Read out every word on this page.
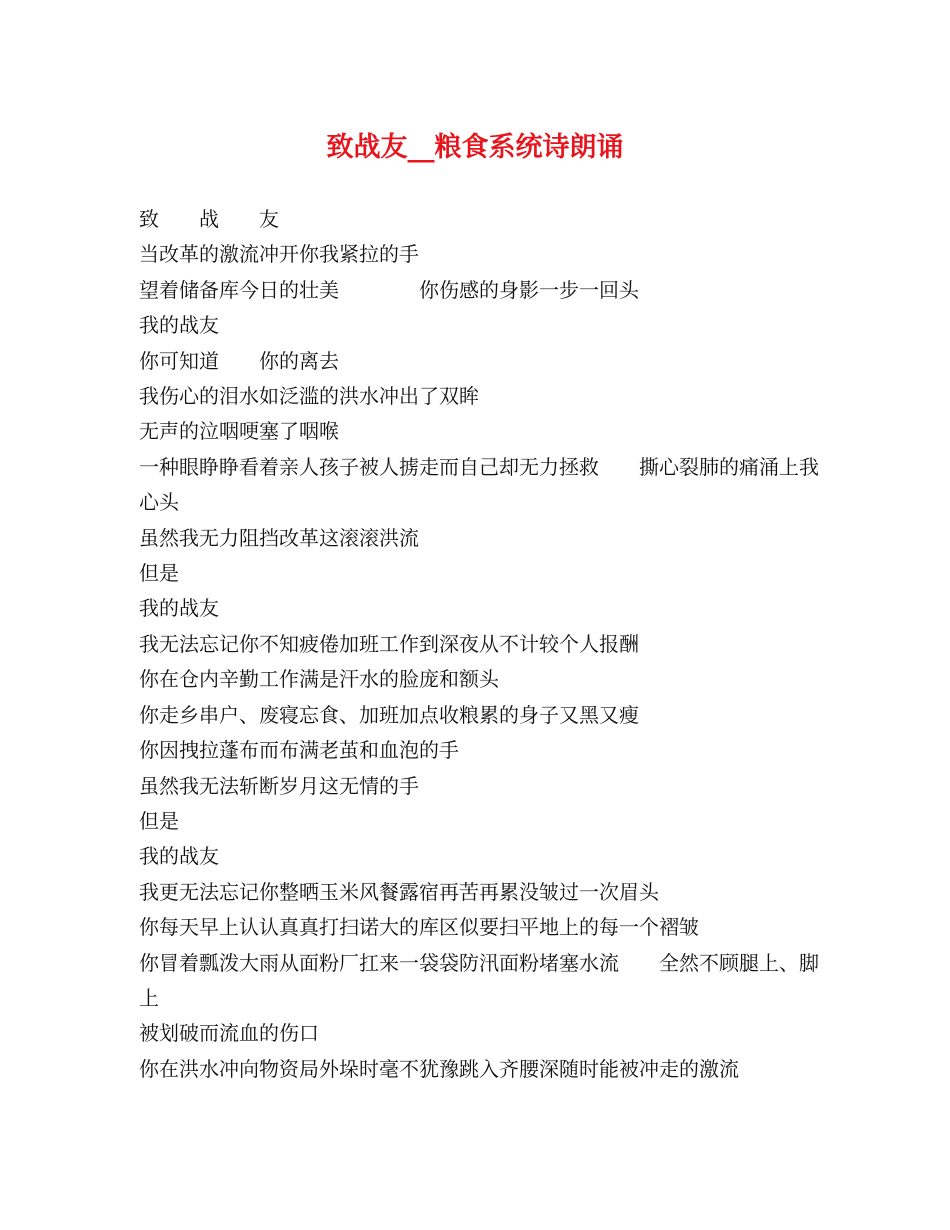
致战友__粮食系统诗朗诵

致　　战　　友

当改革的激流冲开你我紧拉的手

望着储备库今日的壮美　　　　你伤感的身影一步一回头

我的战友

你可知道　　你的离去

我伤心的泪水如泛滥的洪水冲出了双眸

无声的泣咽哽塞了咽喉

一种眼睁睁看着亲人孩子被人掳走而自己却无力拯救　　撕心裂肺的痛涌上我心头

虽然我无力阻挡改革这滚滚洪流

但是

我的战友

我无法忘记你不知疲倦加班工作到深夜从不计较个人报酬

你在仓内辛勤工作满是汗水的脸庞和额头

你走乡串户、废寝忘食、加班加点收粮累的身子又黑又瘦

你因拽拉蓬布而布满老茧和血泡的手

虽然我无法斩断岁月这无情的手

但是

我的战友

我更无法忘记你整晒玉米风餐露宿再苦再累没皱过一次眉头

你每天早上认认真真打扫诺大的库区似要扫平地上的每一个褶皱

你冒着瓢泼大雨从面粉厂扛来一袋袋防汛面粉堵塞水流　　全然不顾腿上、脚上

被划破而流血的伤口

你在洪水冲向物资局外垛时毫不犹豫跳入齐腰深随时能被冲走的激流
